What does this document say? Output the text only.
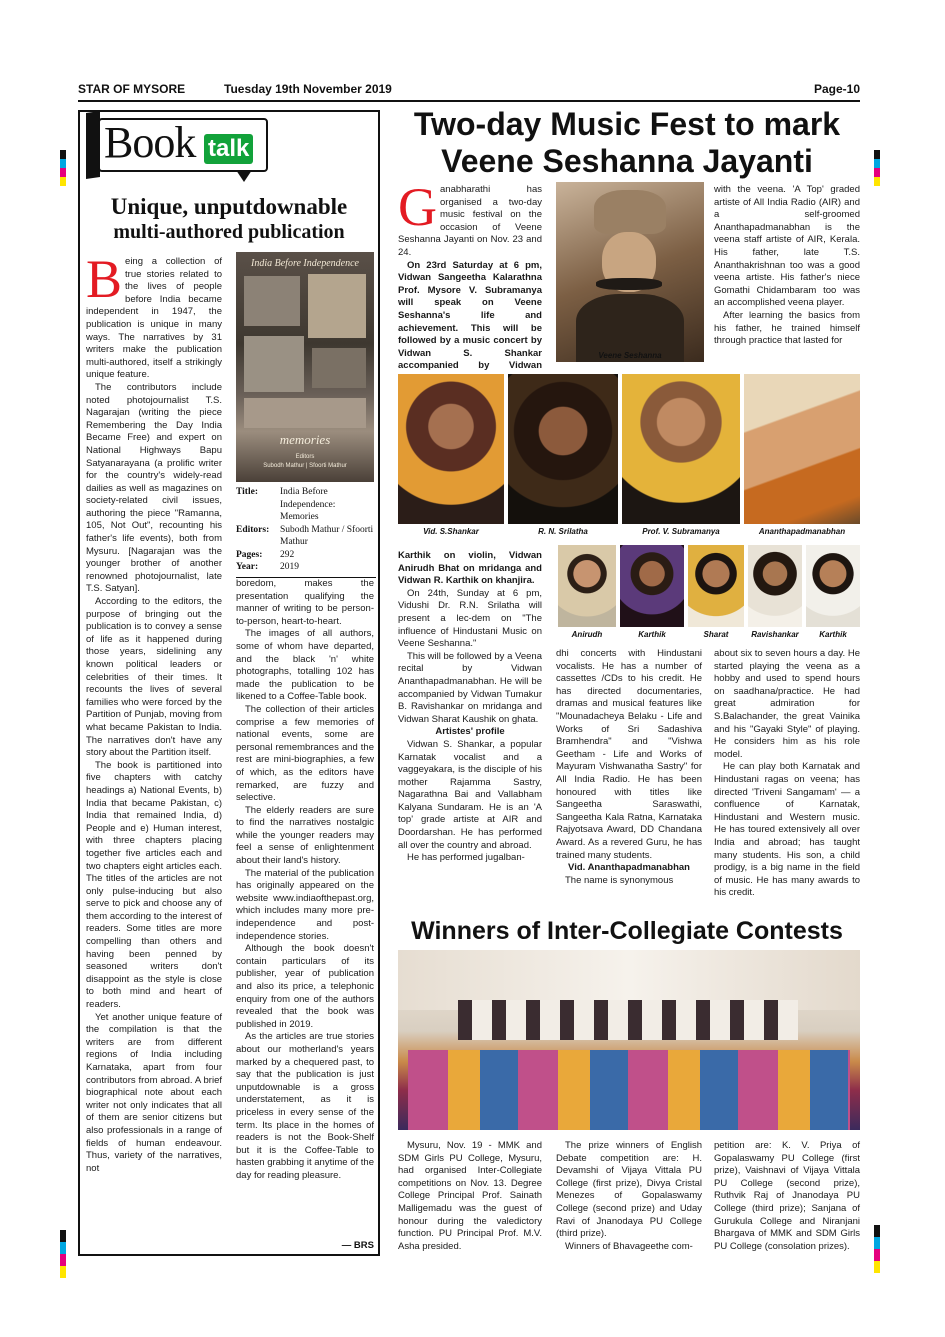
STAR OF MYSORE	Tuesday 19th November 2019	Page-10
Book talk
Unique, unputdownable
multi-authored publication
India Before Independence
memories
Editors
Subodh Mathur | Sfoorti Mathur
Title:	India Before Independence: Memories
Editors:	Subodh Mathur / Sfoorti Mathur
Pages:	292
Year:	2019

Being a collection of true stories related to the lives of people before India became independent in 1947, the publication is unique in many ways. The narratives by 31 writers make the publication multi-authored, itself a strikingly unique feature.

The contributors include noted photojournalist T.S. Nagarajan (writing the piece Remembering the Day India Became Free) and expert on National Highways Bapu Satyanarayana (a prolific writer for the country's widely-read dailies as well as magazines on society-related civil issues, authoring the piece "Ramanna, 105, Not Out", recounting his father's life events), both from Mysuru. [Nagarajan was the younger brother of another renowned photojournalist, late T.S. Satyan].

According to the editors, the purpose of bringing out the publication is to convey a sense of life as it happened during those years, sidelining any known political leaders or celebrities of their times. It recounts the lives of several families who were forced by the Partition of Punjab, moving from what became Pakistan to India. The narratives don't have any story about the Partition itself.

The book is partitioned into five chapters with catchy headings a) National Events, b) India that became Pakistan, c) India that remained India, d) People and e) Human interest, with three chapters placing together five articles each and two chapters eight articles each. The titles of the articles are not only pulse-inducing but also serve to pick and choose any of them according to the interest of readers. Some titles are more compelling than others and having been penned by seasoned writers don't disappoint as the style is close to both mind and heart of readers.

Yet another unique feature of the compilation is that the writers are from different regions of India including Karnataka, apart from four contributors from abroad. A brief biographical note about each writer not only indicates that all of them are senior citizens but also professionals in a range of fields of human endeavour. Thus, variety of the narratives, not

boredom, makes the presentation qualifying the manner of writing to be person-to-person, heart-to-heart.

The images of all authors, some of whom have departed, and the black 'n' white photographs, totalling 102 has made the publication to be likened to a Coffee-Table book.

The collection of their articles comprise a few memories of national events, some are personal remembrances and the rest are mini-biographies, a few of which, as the editors have remarked, are fuzzy and selective.

The elderly readers are sure to find the narratives nostalgic while the younger readers may feel a sense of enlightenment about their land's history.

The material of the publication has originally appeared on the website www.indiaofthepast.org, which includes many more pre-independence and post-independence stories.

Although the book doesn't contain particulars of its publisher, year of publication and also its price, a telephonic enquiry from one of the authors revealed that the book was published in 2019.

As the articles are true stories about our motherland's years marked by a chequered past, to say that the publication is just unputdownable is a gross understatement, as it is priceless in every sense of the term. Its place in the homes of readers is not the Book-Shelf but it is the Coffee-Table to hasten grabbing it anytime of the day for reading pleasure.

— BRS
Two-day Music Fest to mark
Veene Seshanna Jayanti

Ganabharathi has organised a two-day music festival on the occasion of Veene Seshanna Jayanti on Nov. 23 and 24.

On 23rd Saturday at 6 pm, Vidwan Sangeetha Kalarathna Prof. Mysore V. Subramanya will speak on Veene Seshanna's life and achievement. This will be followed by a music concert by Vidwan S. Shankar accompanied by Vidwan

Veene Seshanna

with the veena. 'A Top' graded artiste of All India Radio (AIR) and a self-groomed Ananthapadmanabhan is the veena staff artiste of AIR, Kerala. His father, late T.S. Ananthakrishnan too was a good veena artiste. His father's niece Gomathi Chidambaram too was an accomplished veena player.

After learning the basics from his father, he trained himself through practice that lasted for

Vid. S.Shankar	R. N. Srilatha	Prof. V. Subramanya	Ananthapadmanabhan
Anirudh	Karthik	Sharat	Ravishankar	Karthik

Karthik on violin, Vidwan Anirudh Bhat on mridanga and Vidwan R. Karthik on khanjira.

On 24th, Sunday at 6 pm, Vidushi Dr. R.N. Srilatha will present a lec-dem on "The influence of Hindustani Music on Veene Seshanna."

This will be followed by a Veena recital by Vidwan Ananthapadmanabhan. He will be accompanied by Vidwan Tumakur B. Ravishankar on mridanga and Vidwan Sharat Kaushik on ghata.

Artistes' profile

Vidwan S. Shankar, a popular Karnatak vocalist and a vaggeyakara, is the disciple of his mother Rajamma Sastry, Nagarathna Bai and Vallabham Kalyana Sundaram. He is an 'A top' grade artiste at AIR and Doordarshan. He has performed all over the country and abroad.

He has performed jugalban-

dhi concerts with Hindustani vocalists. He has a number of cassettes /CDs to his credit. He has directed documentaries, dramas and musical features like "Mounadacheya Belaku - Life and Works of Sri Sadashiva Bramhendra" and "Vishwa Geetham - Life and Works of Mayuram Vishwanatha Sastry" for All India Radio. He has been honoured with titles like Sangeetha Saraswathi, Sangeetha Kala Ratna, Karnataka Rajyotsava Award, DD Chandana Award. As a revered Guru, he has trained many students.

Vid. Ananthapadmanabhan

The name is synonymous

about six to seven hours a day. He started playing the veena as a hobby and used to spend hours on saadhana/practice. He had great admiration for S.Balachander, the great Vainika and his "Gayaki Style" of playing. He considers him as his role model.

He can play both Karnatak and Hindustani ragas on veena; has directed 'Triveni Sangamam' — a confluence of Karnatak, Hindustani and Western music. He has toured extensively all over India and abroad; has taught many students. His son, a child prodigy, is a big name in the field of music. He has many awards to his credit.

Winners of Inter-Collegiate Contests

Mysuru, Nov. 19 - MMK and SDM Girls PU College, Mysuru, had organised Inter-Collegiate competitions on Nov. 13. Degree College Principal Prof. Sainath Malligemadu was the guest of honour during the valedictory function. PU Principal Prof. M.V. Asha presided.

The prize winners of English Debate competition are: H. Devamshi of Vijaya Vittala PU College (first prize), Divya Cristal Menezes of Gopalaswamy College (second prize) and Uday Ravi of Jnanodaya PU College (third prize).

Winners of Bhavageethe com-

petition are: K. V. Priya of Gopalaswamy PU College (first prize), Vaishnavi of Vijaya Vittala PU College (second prize), Ruthvik Raj of Jnanodaya PU College (third prize); Sanjana of Gurukula College and Niranjani Bhargava of MMK and SDM Girls PU College (consolation prizes).
